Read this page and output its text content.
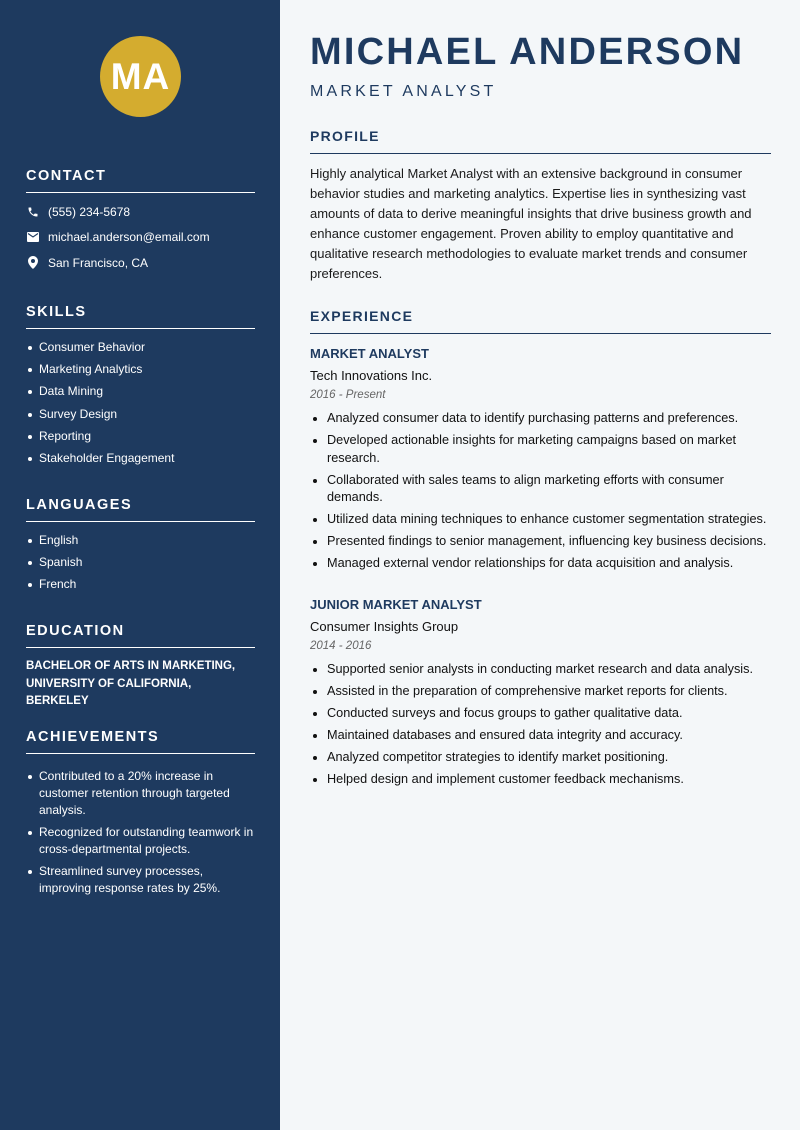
MA
CONTACT
(555) 234-5678
michael.anderson@email.com
San Francisco, CA
SKILLS
Consumer Behavior
Marketing Analytics
Data Mining
Survey Design
Reporting
Stakeholder Engagement
LANGUAGES
English
Spanish
French
EDUCATION
BACHELOR OF ARTS IN MARKETING,
UNIVERSITY OF CALIFORNIA, BERKELEY
ACHIEVEMENTS
Contributed to a 20% increase in customer retention through targeted analysis.
Recognized for outstanding teamwork in cross-departmental projects.
Streamlined survey processes, improving response rates by 25%.
MICHAEL ANDERSON
MARKET ANALYST
PROFILE

Highly analytical Market Analyst with an extensive background in consumer behavior studies and marketing analytics. Expertise lies in synthesizing vast amounts of data to derive meaningful insights that drive business growth and enhance customer engagement. Proven ability to employ quantitative and qualitative research methodologies to evaluate market trends and consumer preferences.

EXPERIENCE
MARKET ANALYST
Tech Innovations Inc.
2016 - Present
Analyzed consumer data to identify purchasing patterns and preferences.
Developed actionable insights for marketing campaigns based on market research.
Collaborated with sales teams to align marketing efforts with consumer demands.
Utilized data mining techniques to enhance customer segmentation strategies.
Presented findings to senior management, influencing key business decisions.
Managed external vendor relationships for data acquisition and analysis.
JUNIOR MARKET ANALYST
Consumer Insights Group
2014 - 2016
Supported senior analysts in conducting market research and data analysis.
Assisted in the preparation of comprehensive market reports for clients.
Conducted surveys and focus groups to gather qualitative data.
Maintained databases and ensured data integrity and accuracy.
Analyzed competitor strategies to identify market positioning.
Helped design and implement customer feedback mechanisms.
